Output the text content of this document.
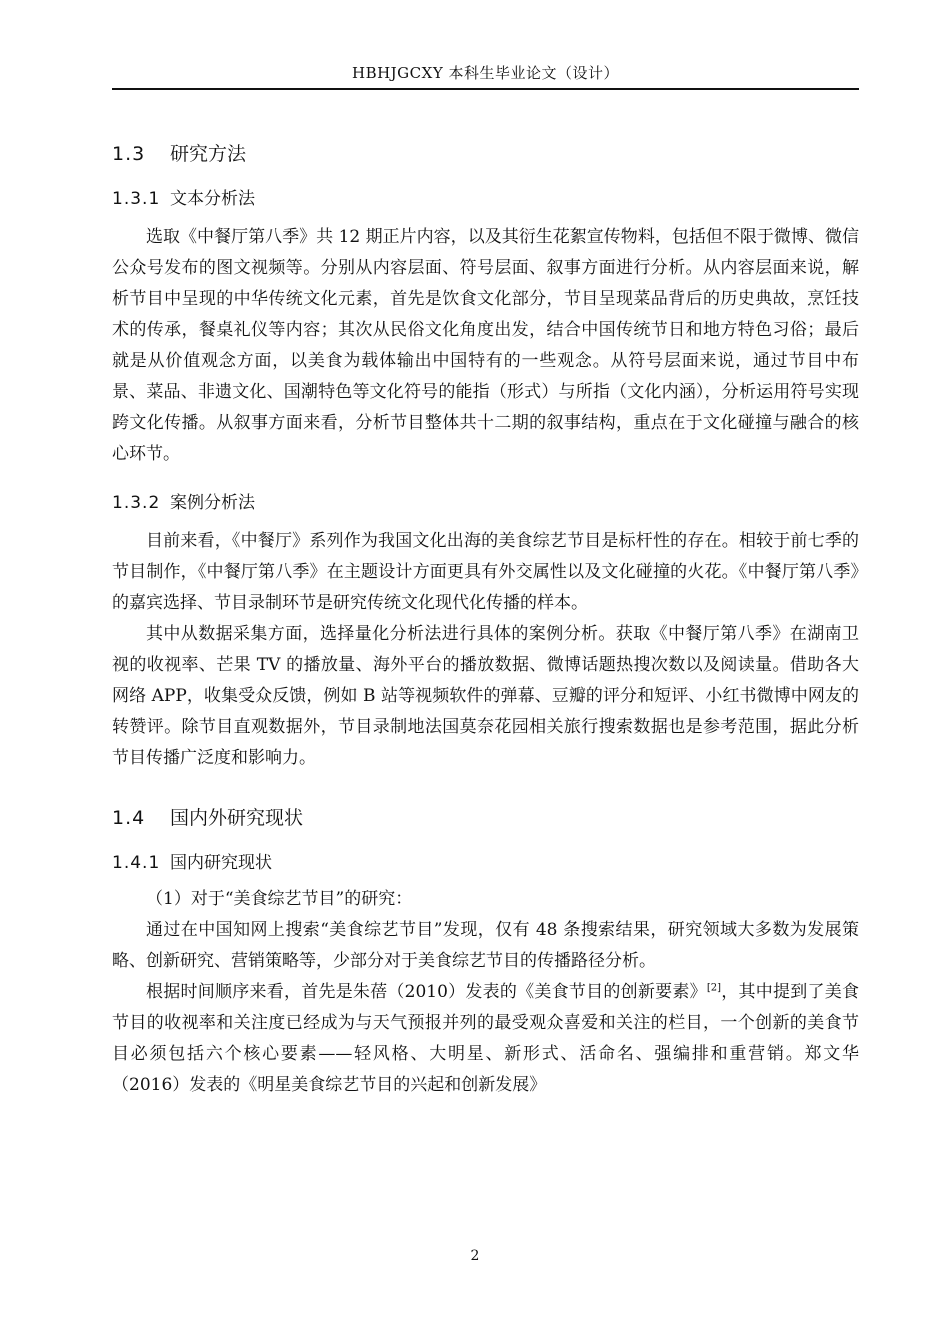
HBHJGCXY 本科生毕业论文（设计）
1.3 研究方法
1.3.1 文本分析法

选取《中餐厅第八季》共 12 期正片内容，以及其衍生花絮宣传物料，包括但不限于微博、微信公众号发布的图文视频等。分别从内容层面、符号层面、叙事方面进行分析。从内容层面来说，解析节目中呈现的中华传统文化元素，首先是饮食文化部分，节目呈现菜品背后的历史典故，烹饪技术的传承，餐桌礼仪等内容；其次从民俗文化角度出发，结合中国传统节日和地方特色习俗；最后就是从价值观念方面，以美食为载体输出中国特有的一些观念。从符号层面来说，通过节目中布景、菜品、非遗文化、国潮特色等文化符号的能指（形式）与所指（文化内涵），分析运用符号实现跨文化传播。从叙事方面来看，分析节目整体共十二期的叙事结构，重点在于文化碰撞与融合的核心环节。

1.3.2 案例分析法

目前来看，《中餐厅》系列作为我国文化出海的美食综艺节目是标杆性的存在。相较于前七季的节目制作，《中餐厅第八季》在主题设计方面更具有外交属性以及文化碰撞的火花。《中餐厅第八季》的嘉宾选择、节目录制环节是研究传统文化现代化传播的样本。

其中从数据采集方面，选择量化分析法进行具体的案例分析。获取《中餐厅第八季》在湖南卫视的收视率、芒果 TV 的播放量、海外平台的播放数据、微博话题热搜次数以及阅读量。借助各大网络 APP，收集受众反馈，例如 B 站等视频软件的弹幕、豆瓣的评分和短评、小红书微博中网友的转赞评。除节目直观数据外，节目录制地法国莫奈花园相关旅行搜索数据也是参考范围，据此分析节目传播广泛度和影响力。

1.4 国内外研究现状
1.4.1 国内研究现状

（1）对于“美食综艺节目”的研究：

通过在中国知网上搜索“美食综艺节目”发现，仅有 48 条搜索结果，研究领域大多数为发展策略、创新研究、营销策略等，少部分对于美食综艺节目的传播路径分析。

根据时间顺序来看，首先是朱蓓（2010）发表的《美食节目的创新要素》[2]，其中提到了美食节目的收视率和关注度已经成为与天气预报并列的最受观众喜爱和关注的栏目，一个创新的美食节目必须包括六个核心要素——轻风格、大明星、新形式、活命名、强编排和重营销。郑文华（2016）发表的《明星美食综艺节目的兴起和创新发展》

2
